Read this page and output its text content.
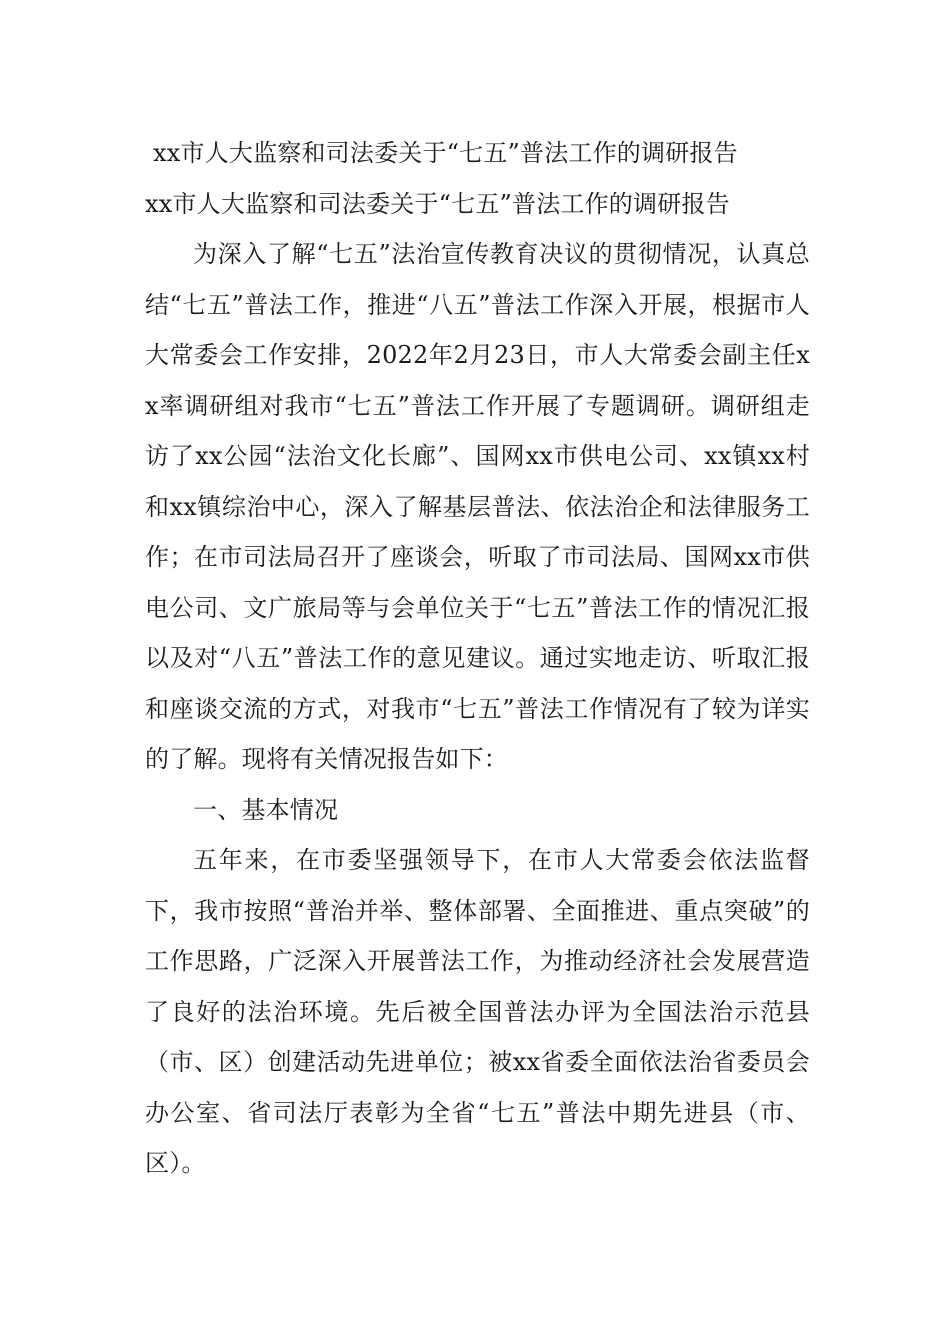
xx市人大监察和司法委关于“七五”普法工作的调研报告

xx市人大监察和司法委关于“七五”普法工作的调研报告

为深入了解“七五”法治宣传教育决议的贯彻情况，认真总结“七五”普法工作，推进“八五”普法工作深入开展，根据市人大常委会工作安排，2022年2月23日，市人大常委会副主任xx率调研组对我市“七五”普法工作开展了专题调研。调研组走访了xx公园“法治文化长廊”、国网xx市供电公司、xx镇xx村和xx镇综治中心，深入了解基层普法、依法治企和法律服务工作；在市司法局召开了座谈会，听取了市司法局、国网xx市供电公司、文广旅局等与会单位关于“七五”普法工作的情况汇报以及对“八五”普法工作的意见建议。通过实地走访、听取汇报和座谈交流的方式，对我市“七五”普法工作情况有了较为详实的了解。现将有关情况报告如下：

一、基本情况

五年来，在市委坚强领导下，在市人大常委会依法监督下，我市按照“普治并举、整体部署、全面推进、重点突破”的工作思路，广泛深入开展普法工作，为推动经济社会发展营造了良好的法治环境。先后被全国普法办评为全国法治示范县（市、区）创建活动先进单位；被xx省委全面依法治省委员会办公室、省司法厅表彰为全省“七五”普法中期先进县（市、区）。
